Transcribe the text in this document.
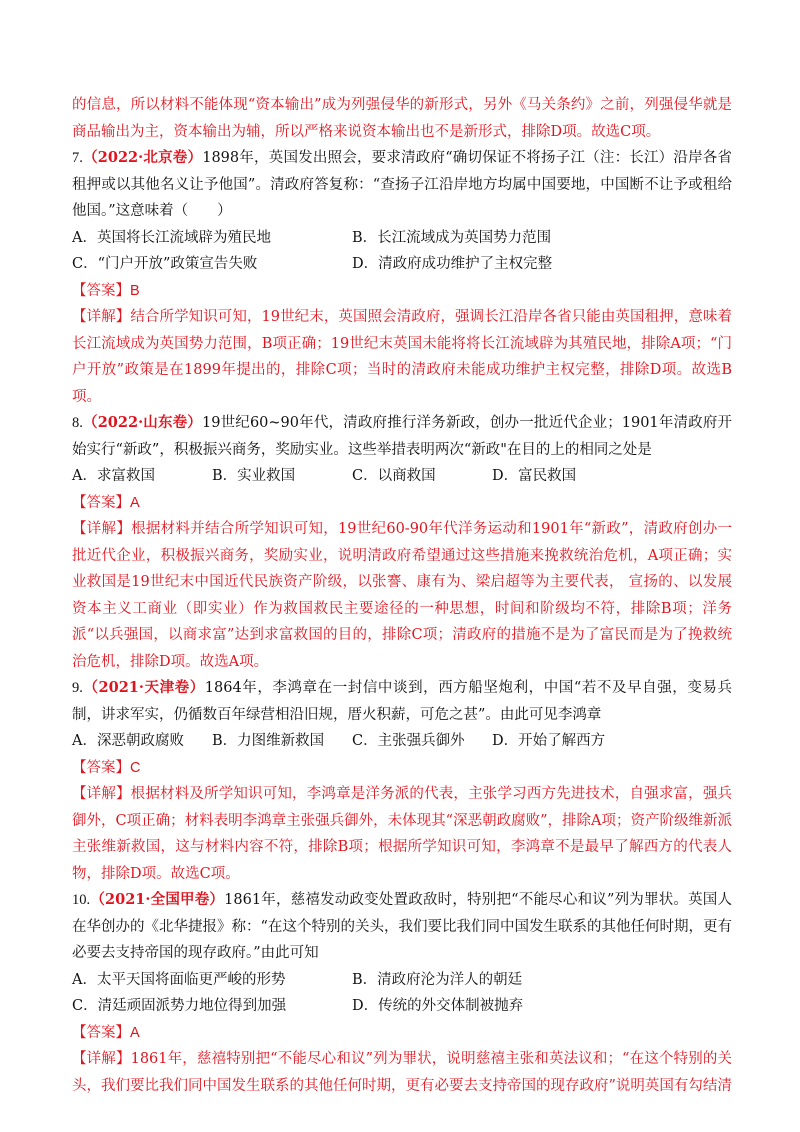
的信息，所以材料不能体现“资本输出”成为列强侵华的新形式，另外《马关条约》之前，列强侵华就是商品输出为主，资本输出为辅，所以严格来说资本输出也不是新形式，排除D项。故选C项。

7.（2022·北京卷）1898年，英国发出照会，要求清政府“确切保证不将扬子江（注：长江）沿岸各省租押或以其他名义让予他国”。清政府答复称：“查扬子江沿岸地方均属中国要地，中国断不让予或租给他国。”这意味着（　　）

A．英国将长江流域辟为殖民地	B．长江流域成为英国势力范围
C．“门户开放”政策宣告失败	D．清政府成功维护了主权完整

【答案】B

【详解】结合所学知识可知，19世纪末，英国照会清政府，强调长江沿岸各省只能由英国租押，意味着长江流域成为英国势力范围，B项正确；19世纪末英国未能将将长江流域辟为其殖民地，排除A项；“门户开放”政策是在1899年提出的，排除C项；当时的清政府未能成功维护主权完整，排除D项。故选B项。

8.（2022·山东卷）19世纪60~90年代，清政府推行洋务新政，创办一批近代企业；1901年清政府开始实行“新政”，积极振兴商务，奖励实业。这些举措表明两次“新政"在目的上的相同之处是

A．求富救国	B．实业救国	C．以商救国	D．富民救国

【答案】A

【详解】根据材料并结合所学知识可知，19世纪60-90年代洋务运动和1901年“新政”，清政府创办一批近代企业，积极振兴商务，奖励实业，说明清政府希望通过这些措施来挽救统治危机，A项正确；实业救国是19世纪末中国近代民族资产阶级，以张謇、康有为、梁启超等为主要代表， 宣扬的、以发展资本主义工商业（即实业）作为救国救民主要途径的一种思想，时间和阶级均不符，排除B项；洋务派“以兵强国，以商求富”达到求富救国的目的，排除C项；清政府的措施不是为了富民而是为了挽救统治危机，排除D项。故选A项。

9.（2021·天津卷）1864年，李鸿章在一封信中谈到，西方船坚炮利，中国“若不及早自强，变易兵制，讲求军实，仍循数百年绿营相沿旧规，厝火积薪，可危之甚”。由此可见李鸿章

A．深恶朝政腐败	B．力图维新救国	C．主张强兵御外	D．开始了解西方

【答案】C

【详解】根据材料及所学知识可知，李鸿章是洋务派的代表，主张学习西方先进技术，自强求富，强兵御外，C项正确；材料表明李鸿章主张强兵御外，未体现其“深恶朝政腐败”，排除A项；资产阶级维新派主张维新救国，这与材料内容不符，排除B项；根据所学知识可知，李鸿章不是最早了解西方的代表人物，排除D项。故选C项。

10.（2021·全国甲卷）1861年，慈禧发动政变处置政敌时，特别把“不能尽心和议”列为罪状。英国人在华创办的《北华捷报》称：“在这个特别的关头，我们要比我们同中国发生联系的其他任何时期，更有必要去支持帝国的现存政府。”由此可知

A．太平天国将面临更严峻的形势	B．清政府沦为洋人的朝廷
C．清廷顽固派势力地位得到加强	D．传统的外交体制被抛弃

【答案】A

【详解】1861年，慈禧特别把“不能尽心和议”列为罪状，说明慈禧主张和英法议和；“在这个特别的关头，我们要比我们同中国发生联系的其他任何时期，更有必要去支持帝国的现存政府”说明英国有勾结清
